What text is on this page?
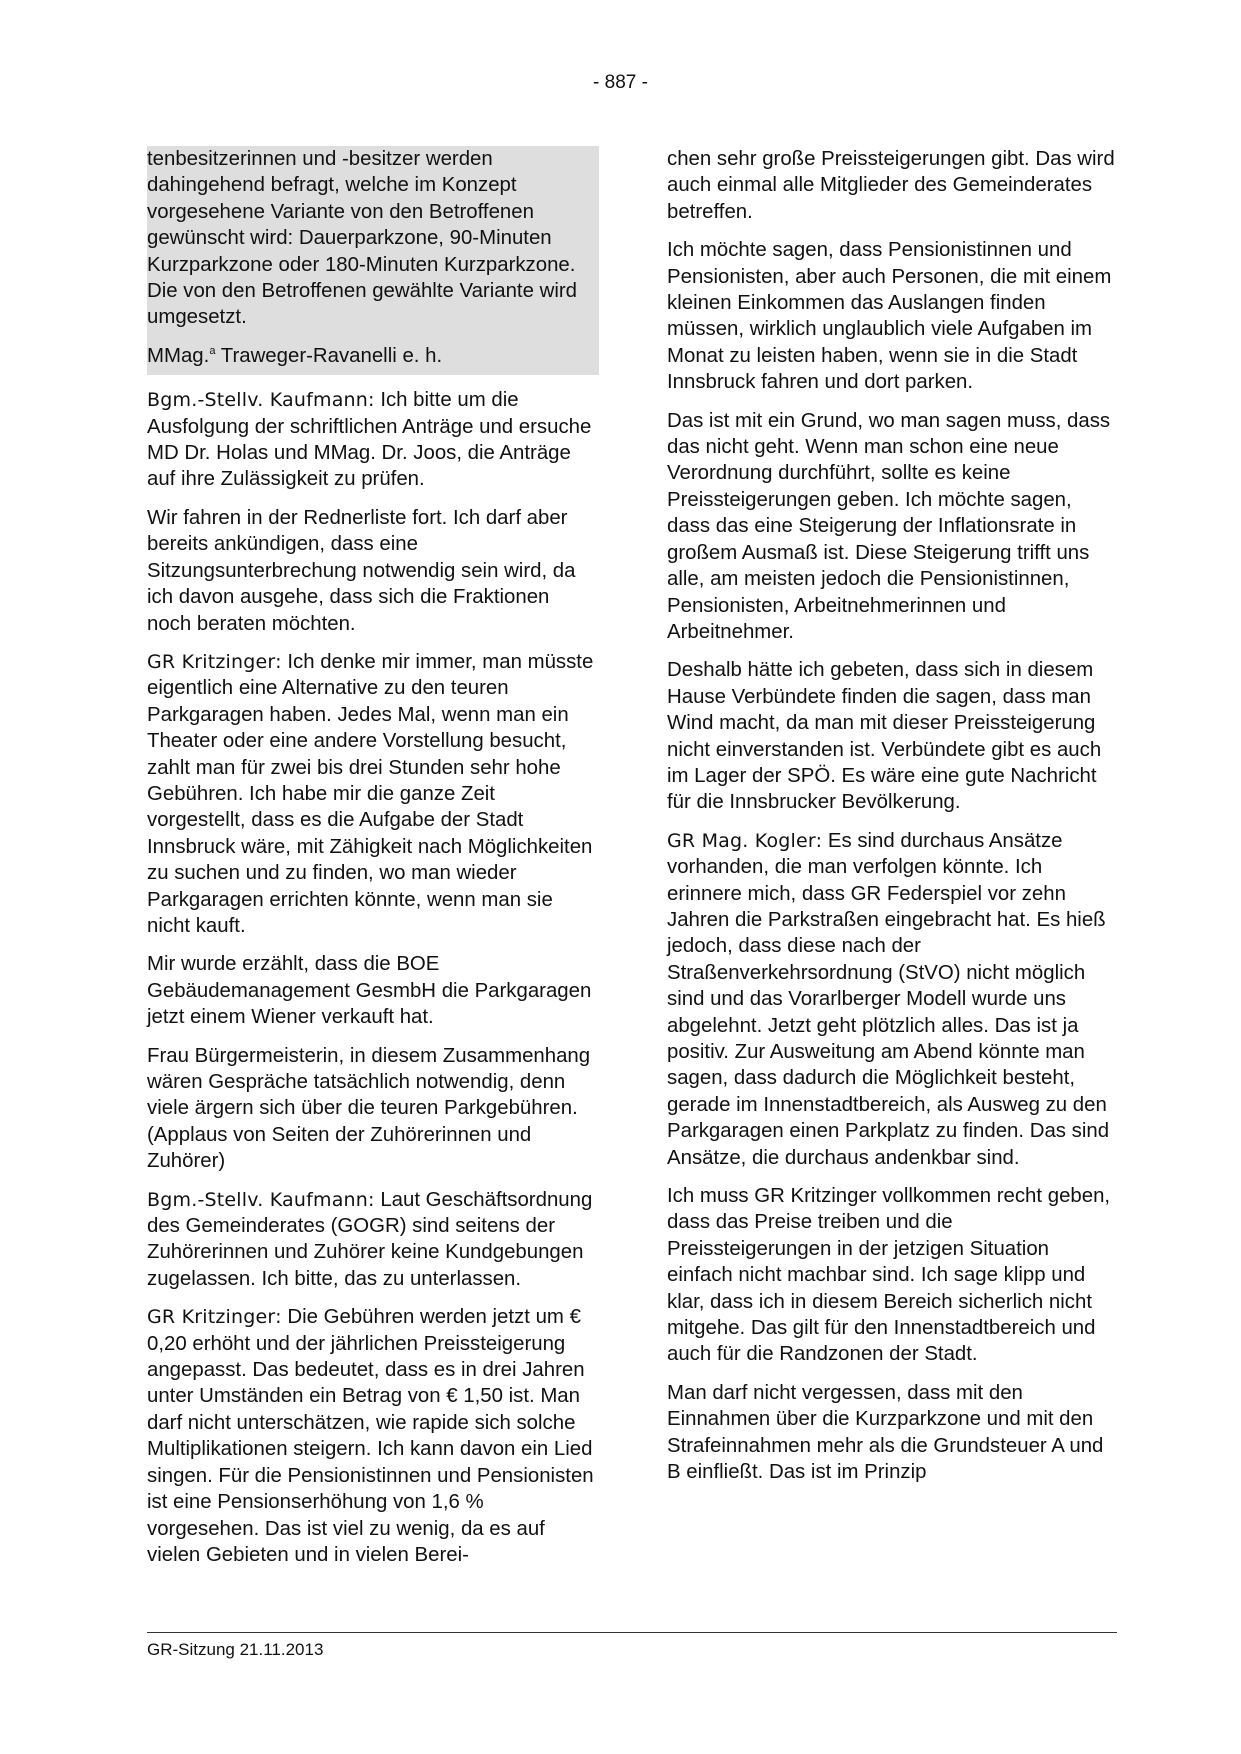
- 887 -

tenbesitzerinnen und -besitzer werden dahingehend befragt, welche im Konzept vorgesehene Variante von den Betroffenen gewünscht wird: Dauerparkzone, 90-Minuten Kurzparkzone oder 180-Minuten Kurzparkzone. Die von den Betroffenen gewählte Variante wird umgesetzt.

MMag.$^a$ Traweger-Ravanelli e. h.

Bgm.-Stellv. Kaufmann: Ich bitte um die Ausfolgung der schriftlichen Anträge und ersuche MD Dr. Holas und MMag. Dr. Joos, die Anträge auf ihre Zulässigkeit zu prüfen.

Wir fahren in der Rednerliste fort. Ich darf aber bereits ankündigen, dass eine Sitzungsunterbrechung notwendig sein wird, da ich davon ausgehe, dass sich die Fraktionen noch beraten möchten.

GR Kritzinger: Ich denke mir immer, man müsste eigentlich eine Alternative zu den teuren Parkgaragen haben. Jedes Mal, wenn man ein Theater oder eine andere Vorstellung besucht, zahlt man für zwei bis drei Stunden sehr hohe Gebühren. Ich habe mir die ganze Zeit vorgestellt, dass es die Aufgabe der Stadt Innsbruck wäre, mit Zähigkeit nach Möglichkeiten zu suchen und zu finden, wo man wieder Parkgaragen errichten könnte, wenn man sie nicht kauft.

Mir wurde erzählt, dass die BOE Gebäudemanagement GesmbH die Parkgaragen jetzt einem Wiener verkauft hat.

Frau Bürgermeisterin, in diesem Zusammenhang wären Gespräche tatsächlich notwendig, denn viele ärgern sich über die teuren Parkgebühren. (Applaus von Seiten der Zuhörerinnen und Zuhörer)

Bgm.-Stellv. Kaufmann: Laut Geschäftsordnung des Gemeinderates (GOGR) sind seitens der Zuhörerinnen und Zuhörer keine Kundgebungen zugelassen. Ich bitte, das zu unterlassen.

GR Kritzinger: Die Gebühren werden jetzt um € 0,20 erhöht und der jährlichen Preissteigerung angepasst. Das bedeutet, dass es in drei Jahren unter Umständen ein Betrag von € 1,50 ist. Man darf nicht unterschätzen, wie rapide sich solche Multiplikationen steigern. Ich kann davon ein Lied singen. Für die Pensionistinnen und Pensionisten ist eine Pensionserhöhung von 1,6 % vorgesehen. Das ist viel zu wenig, da es auf vielen Gebieten und in vielen Berei-

chen sehr große Preissteigerungen gibt. Das wird auch einmal alle Mitglieder des Gemeinderates betreffen.

Ich möchte sagen, dass Pensionistinnen und Pensionisten, aber auch Personen, die mit einem kleinen Einkommen das Auslangen finden müssen, wirklich unglaublich viele Aufgaben im Monat zu leisten haben, wenn sie in die Stadt Innsbruck fahren und dort parken.

Das ist mit ein Grund, wo man sagen muss, dass das nicht geht. Wenn man schon eine neue Verordnung durchführt, sollte es keine Preissteigerungen geben. Ich möchte sagen, dass das eine Steigerung der Inflationsrate in großem Ausmaß ist. Diese Steigerung trifft uns alle, am meisten jedoch die Pensionistinnen, Pensionisten, Arbeitnehmerinnen und Arbeitnehmer.

Deshalb hätte ich gebeten, dass sich in diesem Hause Verbündete finden die sagen, dass man Wind macht, da man mit dieser Preissteigerung nicht einverstanden ist. Verbündete gibt es auch im Lager der SPÖ. Es wäre eine gute Nachricht für die Innsbrucker Bevölkerung.

GR Mag. Kogler: Es sind durchaus Ansätze vorhanden, die man verfolgen könnte. Ich erinnere mich, dass GR Federspiel vor zehn Jahren die Parkstraßen eingebracht hat. Es hieß jedoch, dass diese nach der Straßenverkehrsordnung (StVO) nicht möglich sind und das Vorarlberger Modell wurde uns abgelehnt. Jetzt geht plötzlich alles. Das ist ja positiv. Zur Ausweitung am Abend könnte man sagen, dass dadurch die Möglichkeit besteht, gerade im Innenstadtbereich, als Ausweg zu den Parkgaragen einen Parkplatz zu finden. Das sind Ansätze, die durchaus andenkbar sind.

Ich muss GR Kritzinger vollkommen recht geben, dass das Preise treiben und die Preissteigerungen in der jetzigen Situation einfach nicht machbar sind. Ich sage klipp und klar, dass ich in diesem Bereich sicherlich nicht mitgehe. Das gilt für den Innenstadtbereich und auch für die Randzonen der Stadt.

Man darf nicht vergessen, dass mit den Einnahmen über die Kurzparkzone und mit den Strafeinnahmen mehr als die Grundsteuer A und B einfließt. Das ist im Prinzip

GR-Sitzung 21.11.2013
